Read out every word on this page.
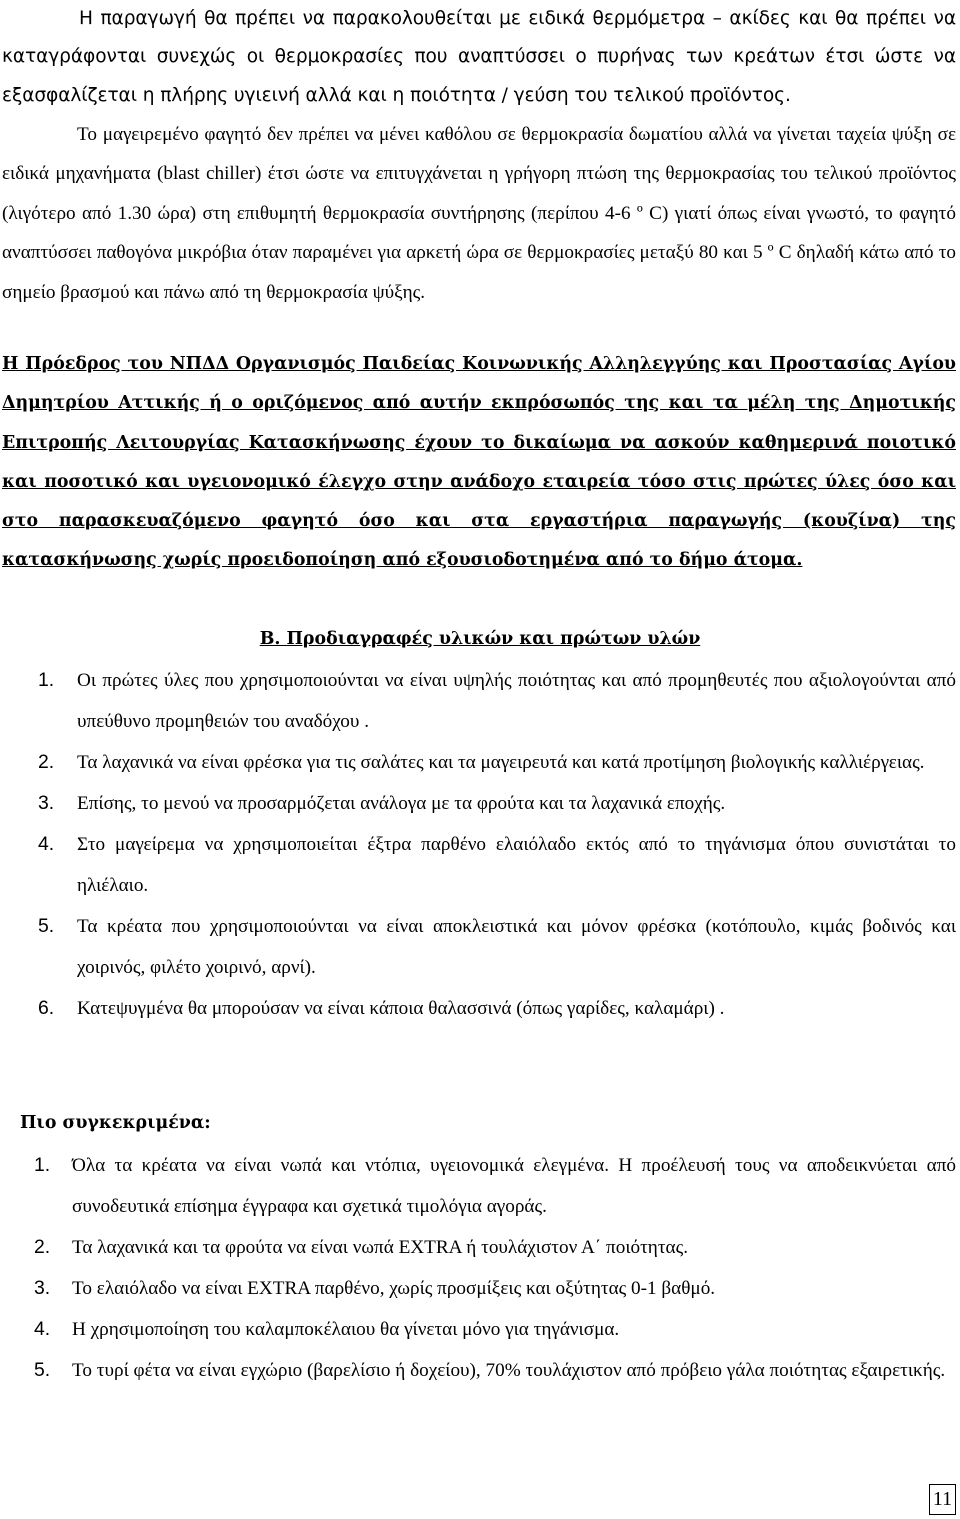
Η παραγωγή θα πρέπει να παρακολουθείται με ειδικά θερμόμετρα – ακίδες και θα πρέπει να καταγράφονται συνεχώς οι θερμοκρασίες που αναπτύσσει ο πυρήνας των κρεάτων έτσι ώστε να εξασφαλίζεται η πλήρης υγιεινή αλλά και η ποιότητα / γεύση του τελικού προϊόντος.

Το μαγειρεμένο φαγητό δεν πρέπει να μένει καθόλου σε θερμοκρασία δωματίου αλλά να γίνεται ταχεία ψύξη σε ειδικά μηχανήματα (blast chiller) έτσι ώστε να επιτυγχάνεται η γρήγορη πτώση της θερμοκρασίας του τελικού προϊόντος (λιγότερο από 1.30 ώρα) στη επιθυμητή θερμοκρασία συντήρησης (περίπου 4-6 º C) γιατί όπως είναι γνωστό, το φαγητό αναπτύσσει παθογόνα μικρόβια όταν παραμένει για αρκετή ώρα σε θερμοκρασίες μεταξύ 80 και 5 º C δηλαδή κάτω από το σημείο βρασμού και πάνω από τη θερμοκρασία ψύξης.

Η Πρόεδρος του ΝΠΔΔ Οργανισμός Παιδείας Κοινωνικής Αλληλεγγύης και Προστασίας Αγίου Δημητρίου Αττικής ή ο οριζόμενος από αυτήν εκπρόσωπός της και τα μέλη της Δημοτικής Επιτροπής Λειτουργίας Κατασκήνωσης έχουν το δικαίωμα να ασκούν καθημερινά ποιοτικό και ποσοτικό και υγειονομικό έλεγχο στην ανάδοχο εταιρεία τόσο στις πρώτες ύλες όσο και στο παρασκευαζόμενο φαγητό όσο και στα εργαστήρια παραγωγής (κουζίνα) της κατασκήνωσης χωρίς προειδοποίηση από εξουσιοδοτημένα από το δήμο άτομα.

Β. Προδιαγραφές υλικών και πρώτων υλών
1. Οι πρώτες ύλες που χρησιμοποιούνται να είναι υψηλής ποιότητας και από προμηθευτές που αξιολογούνται από υπεύθυνο προμηθειών του αναδόχου .
2. Τα λαχανικά να είναι φρέσκα για τις σαλάτες και τα μαγειρευτά και κατά προτίμηση βιολογικής καλλιέργειας.
3. Επίσης, το μενού να προσαρμόζεται ανάλογα με τα φρούτα και τα λαχανικά εποχής.
4. Στο μαγείρεμα να χρησιμοποιείται έξτρα παρθένο ελαιόλαδο εκτός από το τηγάνισμα όπου συνιστάται το ηλιέλαιο.
5. Τα κρέατα που χρησιμοποιούνται να είναι αποκλειστικά και μόνον φρέσκα (κοτόπουλο, κιμάς βοδινός και χοιρινός, φιλέτο χοιρινό, αρνί).
6. Κατεψυγμένα θα μπορούσαν να είναι κάποια θαλασσινά (όπως γαρίδες, καλαμάρι) .
Πιο συγκεκριμένα:
1. Όλα τα κρέατα να είναι νωπά και ντόπια, υγειονομικά ελεγμένα. Η προέλευσή τους να αποδεικνύεται από συνοδευτικά επίσημα έγγραφα και σχετικά τιμολόγια αγοράς.
2. Τα λαχανικά και τα φρούτα να είναι νωπά EXTRA ή τουλάχιστον Α΄ ποιότητας.
3. Το ελαιόλαδο να είναι EXTRA παρθένο, χωρίς προσμίξεις και οξύτητας 0-1 βαθμό.
4. Η χρησιμοποίηση του καλαμποκέλαιου θα γίνεται μόνο για τηγάνισμα.
5. Το τυρί φέτα να είναι εγχώριο (βαρελίσιο ή δοχείου), 70% τουλάχιστον από πρόβειο γάλα ποιότητας εξαιρετικής.
11
